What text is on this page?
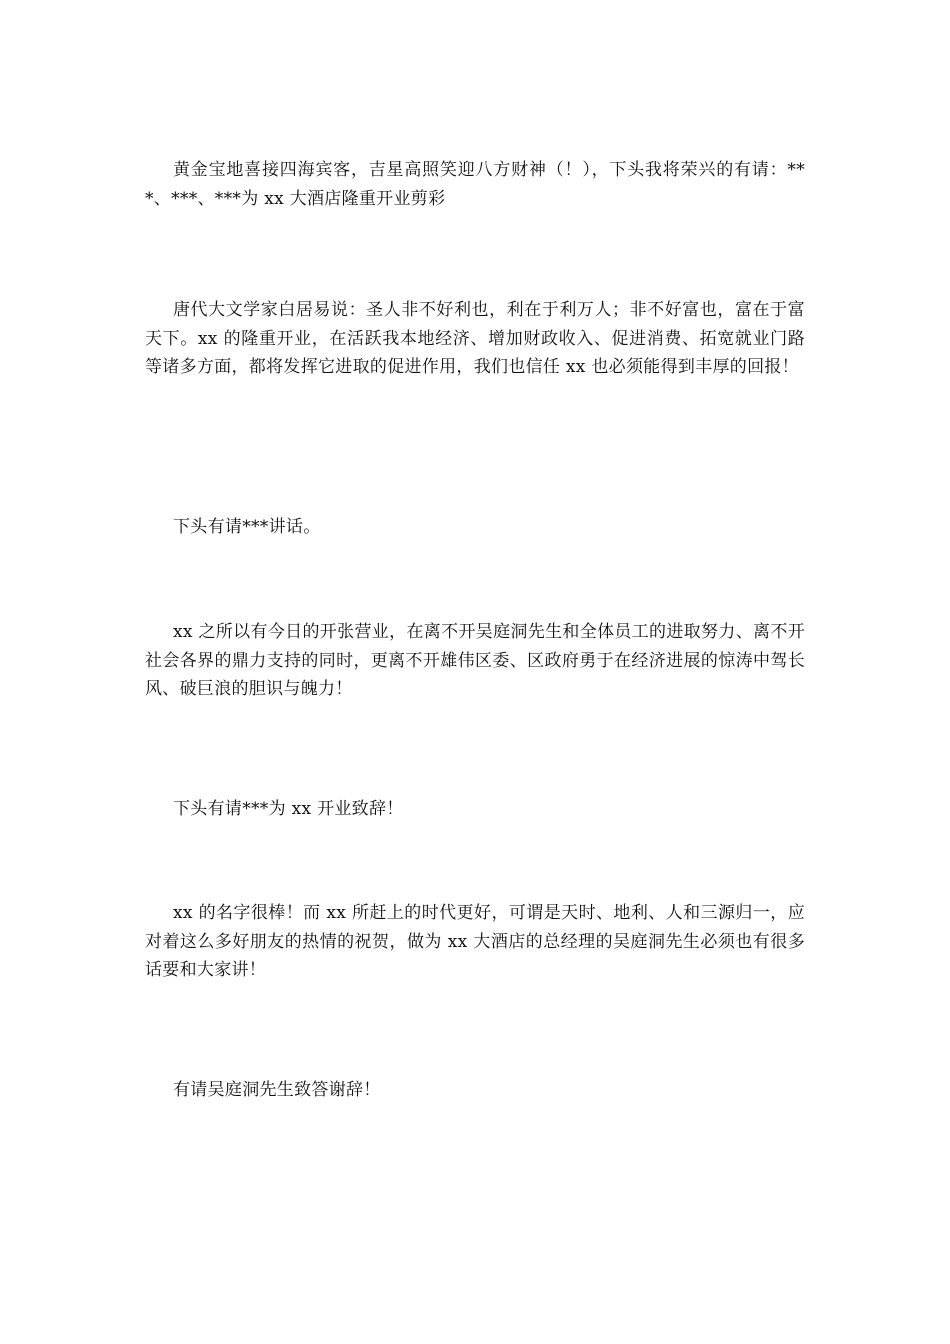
黄金宝地喜接四海宾客，吉星高照笑迎八方财神（！），下头我将荣兴的有请：***、***、***为 xx 大酒店隆重开业剪彩

唐代大文学家白居易说：圣人非不好利也，利在于利万人；非不好富也，富在于富天下。xx 的隆重开业，在活跃我本地经济、增加财政收入、促进消费、拓宽就业门路等诸多方面，都将发挥它进取的促进作用，我们也信任 xx 也必须能得到丰厚的回报！

下头有请***讲话。

xx 之所以有今日的开张营业，在离不开吴庭洞先生和全体员工的进取努力、离不开社会各界的鼎力支持的同时，更离不开雄伟区委、区政府勇于在经济进展的惊涛中驾长风、破巨浪的胆识与魄力！

下头有请***为 xx 开业致辞！

xx 的名字很棒！而 xx 所赶上的时代更好，可谓是天时、地利、人和三源归一，应对着这么多好朋友的热情的祝贺，做为 xx 大酒店的总经理的吴庭洞先生必须也有很多话要和大家讲！

有请吴庭洞先生致答谢辞！
